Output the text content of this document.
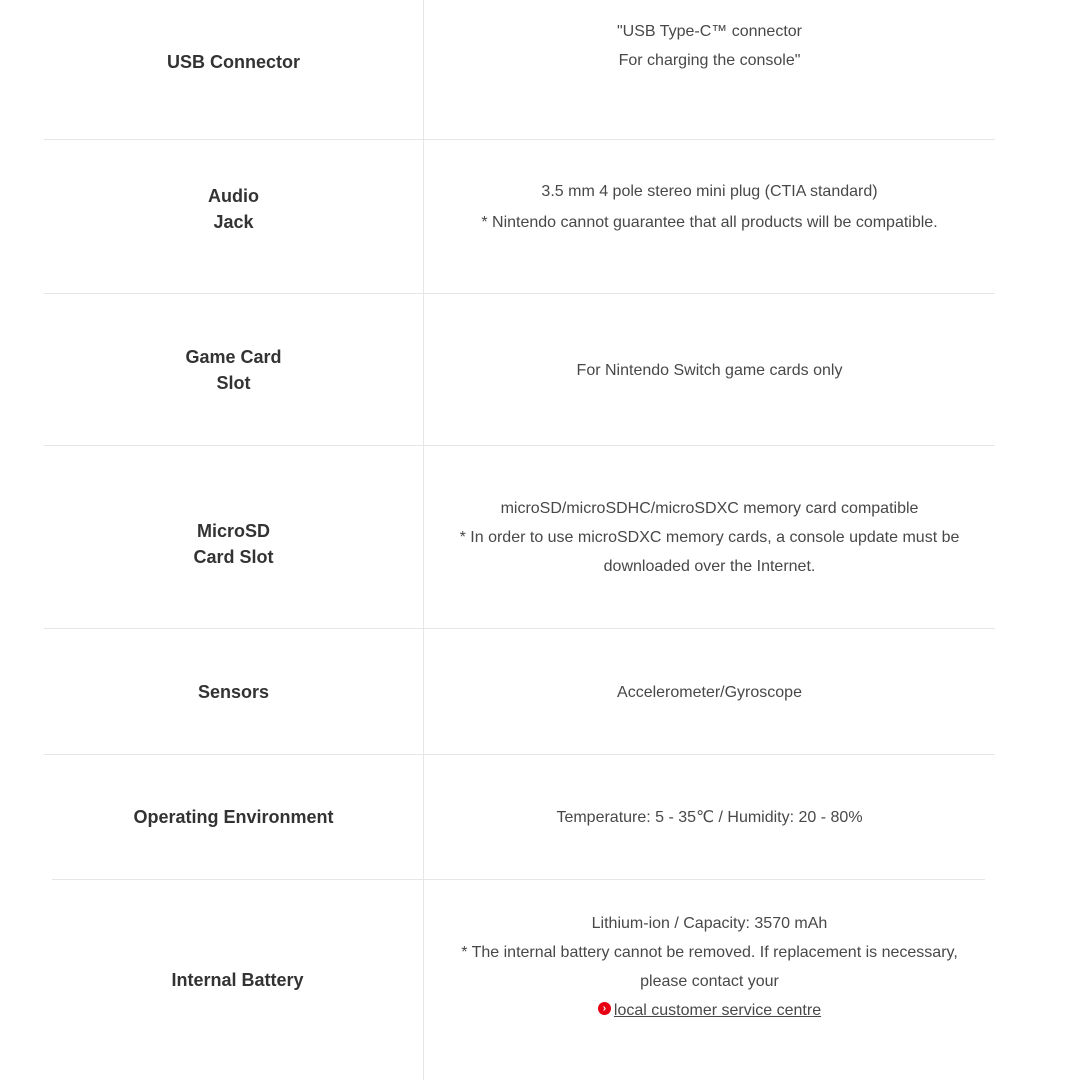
USB Connector
"USB Type-C™ connector
For charging the console"
Audio
Jack
3.5 mm 4 pole stereo mini plug (CTIA standard)
* Nintendo cannot guarantee that all products will be compatible.
Game Card
Slot
For Nintendo Switch game cards only
MicroSD
Card Slot
microSD/microSDHC/microSDXC memory card compatible
* In order to use microSDXC memory cards, a console update must be
downloaded over the Internet.
Sensors	Accelerometer/Gyroscope
Operating Environment	Temperature: 5 - 35℃ / Humidity: 20 - 80%
Internal Battery
Lithium-ion / Capacity: 3570 mAh
* The internal battery cannot be removed. If replacement is necessary,
please contact your
› local customer service centre
